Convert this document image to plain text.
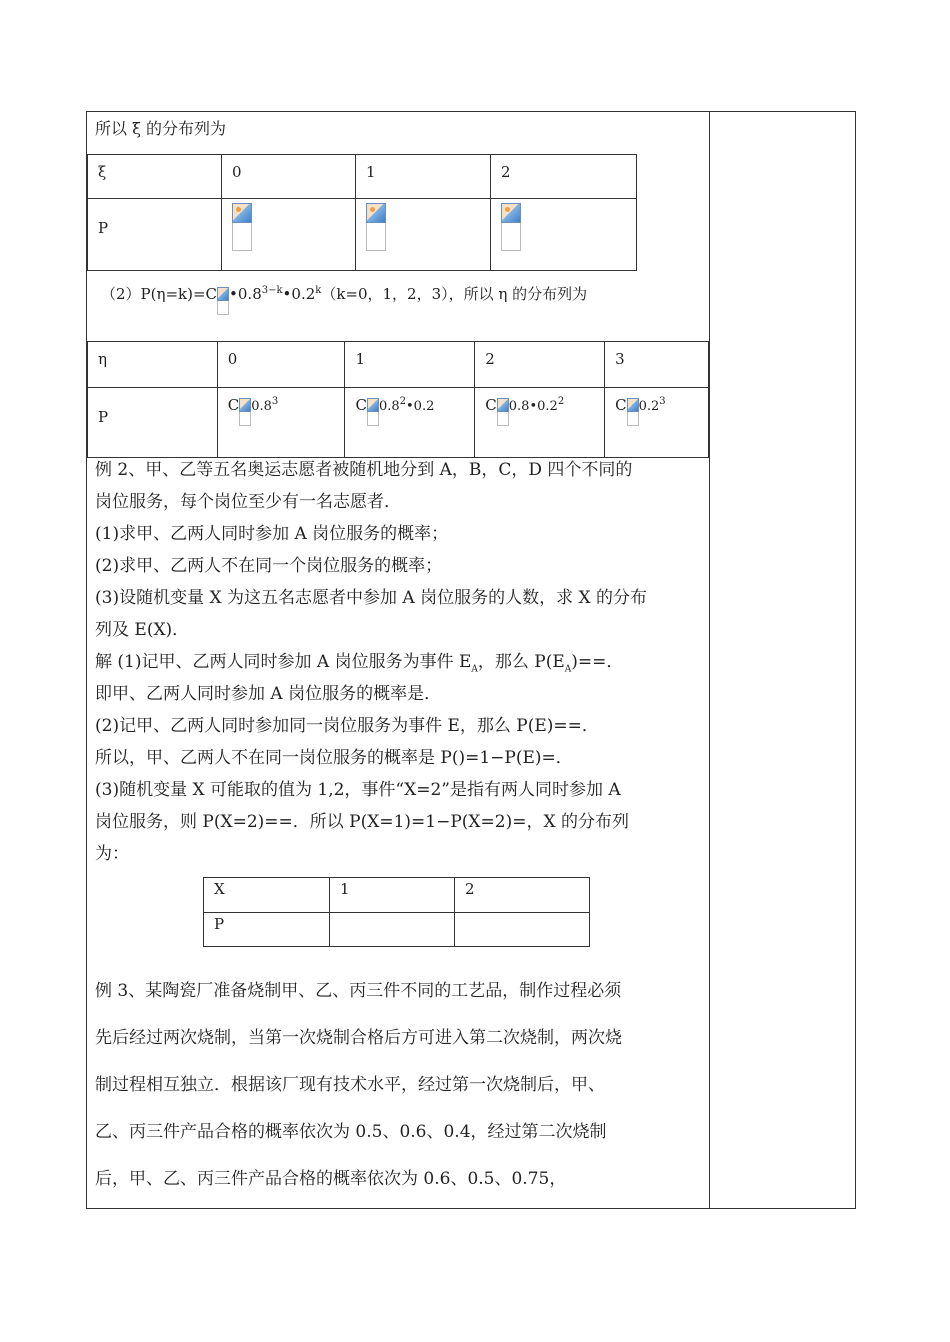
所以 ξ 的分布列为
ξ	0	1	2
P	

（2）P(η=k)=C $•0.8^{3-k}•0.2^k(k=0$，1，2，3），所以 η 的分布列为
η	0	1	2	3
P	C $0.8^3$	C $0.8^2•0.2$	C $0.8•0.2^2$	C $0.2^3$
例 2、甲、乙等五名奥运志愿者被随机地分到 A，B，C，D 四个不同的
岗位服务，每个岗位至少有一名志愿者．
(1)求甲、乙两人同时参加 A 岗位服务的概率；
(2)求甲、乙两人不在同一个岗位服务的概率；
(3)设随机变量 X 为这五名志愿者中参加 A 岗位服务的人数，求 X 的分布
列及 E(X)．
解 (1)记甲、乙两人同时参加 A 岗位服务为事件 $E_A$，那么 $P(E_A)==$．
即甲、乙两人同时参加 A 岗位服务的概率是．
(2)记甲、乙两人同时参加同一岗位服务为事件 E，那么 P(E)==．
所以，甲、乙两人不在同一岗位服务的概率是 P()=1−P(E)=．
(3)随机变量 X 可能取的值为 1,2，事件“X=2”是指有两人同时参加 A
岗位服务，则 P(X=2)==．所以 P(X=1)=1−P(X=2)=，X 的分布列
为：
X	1	2
P		
例 3、某陶瓷厂准备烧制甲、乙、丙三件不同的工艺品，制作过程必须
先后经过两次烧制，当第一次烧制合格后方可进入第二次烧制，两次烧
制过程相互独立．根据该厂现有技术水平，经过第一次烧制后，甲、
乙、丙三件产品合格的概率依次为 0.5、0.6、0.4，经过第二次烧制
后，甲、乙、丙三件产品合格的概率依次为 0.6、0.5、0.75，
